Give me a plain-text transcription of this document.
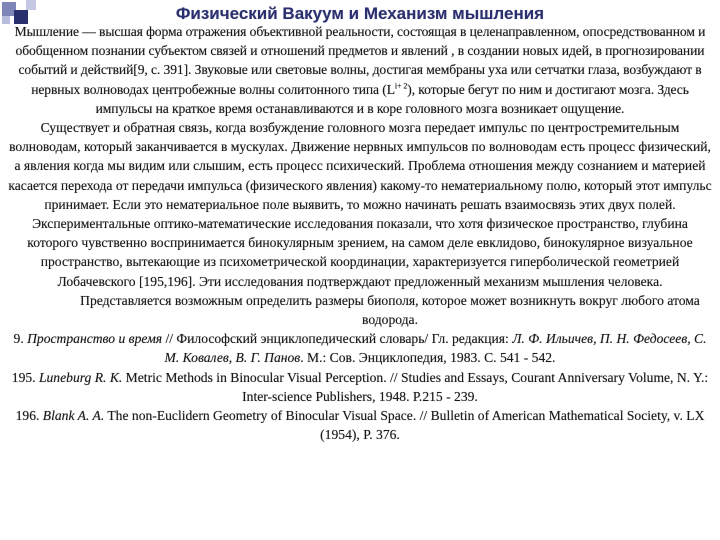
Физический Вакуум и Механизм мышления

Мышление — высшая форма отражения объективной реальности, состоящая в целенаправленном, опосредствованном и обобщенном познании субъектом связей и отношений предметов и явлений , в создании новых идей, в прогнозировании событий и действий[9, с. 391]. Звуковые или световые волны, достигая мембраны уха или сетчатки глаза, возбуждают в нервных волноводах центробежные волны солитонного типа $(L^{i+ 2})$, которые бегут по ним и достигают мозга. Здесь импульсы на краткое время останавливаются и в коре головного мозга возникает ощущение.

Существует и обратная связь, когда возбуждение головного мозга передает импульс по центростремительным волноводам, который заканчивается в мускулах. Движение нервных импульсов по волноводам есть процесс физический, а явления когда мы видим или слышим, есть процесс психический. Проблема отношения между сознанием и материей касается перехода от передачи импульса (физического явления) какому-то нематериальному полю, который этот импульс принимает. Если это нематериальное поле выявить, то можно начинать решать взаимосвязь этих двух полей.

Экспериментальные оптико-математические исследования показали, что хотя физическое пространство, глубина которого чувственно воспринимается бинокулярным зрением, на самом деле евклидово, бинокулярное визуальное пространство, вытекающие из психометрической координации, характеризуется гиперболической геометрией Лобачевского [195,196]. Эти исследования подтверждают предложенный механизм мышления человека.

Представляется возможным определить размеры биополя, которое может возникнуть вокруг любого атома водорода.

9. Пространство и время // Философский энциклопедический словарь/ Гл. редакция: Л. Ф. Ильичев, П. Н. Федосеев, С. М. Ковалев, В. Г. Панов. М.: Сов. Энциклопедия, 1983. С. 541 - 542.

195. Luneburg R. K. Metric Methods in Binocular Visual Perception. // Studies and Essays, Courant Anniversary Volume, N. Y.: Inter-science Publishers, 1948. P.215 - 239.

196. Blank A. A. The non-Euclidern Geometry of Binocular Visual Space. // Bulletin of American Mathematical Society, v. LX (1954), P. 376.
